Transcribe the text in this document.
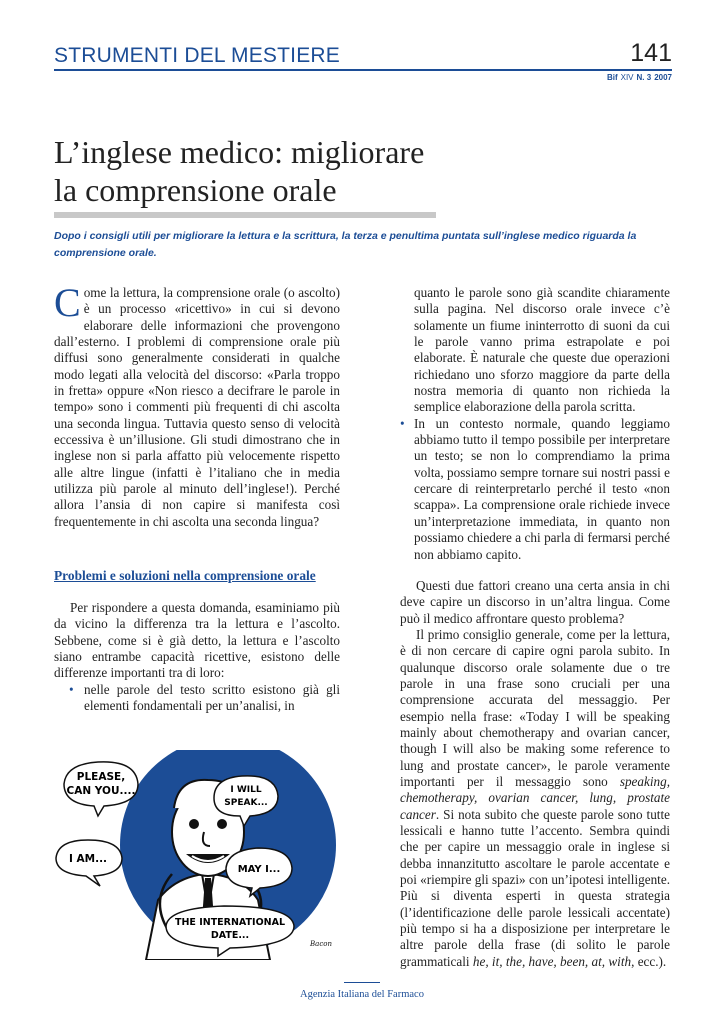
STRUMENTI DEL MESTIERE	141
Bif XIV N. 3 2007
L’inglese medico: migliorare
la comprensione orale
Dopo i consigli utili per migliorare la lettura e la scrittura, la terza e penultima puntata sull’inglese medico riguarda la comprensione orale.

Come la lettura, la comprensione orale (o ascolto) è un processo «ricettivo» in cui si devono elaborare delle informazioni che provengono dall’esterno. I problemi di comprensione orale più diffusi sono generalmente considerati in qualche modo legati alla velocità del discorso: «Parla troppo in fretta» oppure «Non riesco a decifrare le parole in tempo» sono i commenti più frequenti di chi ascolta una seconda lingua. Tuttavia questo senso di velocità eccessiva è un’illusione. Gli studi dimostrano che in inglese non si parla affatto più velocemente rispetto alle altre lingue (infatti è l’italiano che in media utilizza più parole al minuto dell’inglese!). Perché allora l’ansia di non capire si manifesta così frequentemente in chi ascolta una seconda lingua?

Problemi e soluzioni nella comprensione orale

Per rispondere a questa domanda, esaminiamo più da vicino la differenza tra la lettura e l’ascolto. Sebbene, come si è già detto, la lettura e l’ascolto siano entrambe capacità ricettive, esistono delle differenze importanti tra di loro:

• nelle parole del testo scritto esistono già gli elementi fondamentali per un’analisi, in
PLEASE,
CAN YOU....	I WILL
SPEAK...
I AM...
MAY I...
THE INTERNATIONAL
DATE...
Bacon

quanto le parole sono già scandite chiaramente sulla pagina. Nel discorso orale invece c’è solamente un fiume ininterrotto di suoni da cui le parole vanno prima estrapolate e poi elaborate. È naturale che queste due operazioni richiedano uno sforzo maggiore da parte della nostra memoria di quanto non richieda la semplice elaborazione della parola scritta.

• In un contesto normale, quando leggiamo abbiamo tutto il tempo possibile per interpretare un testo; se non lo comprendiamo la prima volta, possiamo sempre tornare sui nostri passi e cercare di reinterpretarlo perché il testo «non scappa». La comprensione orale richiede invece un’interpretazione immediata, in quanto non possiamo chiedere a chi parla di fermarsi perché non abbiamo capito.

Questi due fattori creano una certa ansia in chi deve capire un discorso in un’altra lingua. Come può il medico affrontare questo problema?

Il primo consiglio generale, come per la lettura, è di non cercare di capire ogni parola subito. In qualunque discorso orale solamente due o tre parole in una frase sono cruciali per una comprensione accurata del messaggio. Per esempio nella frase: «Today I will be speaking mainly about chemotherapy and ovarian cancer, though I will also be making some reference to lung and prostate cancer», le parole veramente importanti per il messaggio sono speaking, chemotherapy, ovarian cancer, lung, prostate cancer. Si nota subito che queste parole sono tutte lessicali e hanno tutte l’accento. Sembra quindi che per capire un messaggio orale in inglese si debba innanzitutto ascoltare le parole accentate e poi «riempire gli spazi» con un’ipotesi intelligente. Più si diventa esperti in questa strategia (l’identificazione delle parole lessicali accentate) più tempo si ha a disposizione per interpretare le altre parole della frase (di solito le parole grammaticali he, it, the, have, been, at, with, ecc.).

Agenzia Italiana del Farmaco
